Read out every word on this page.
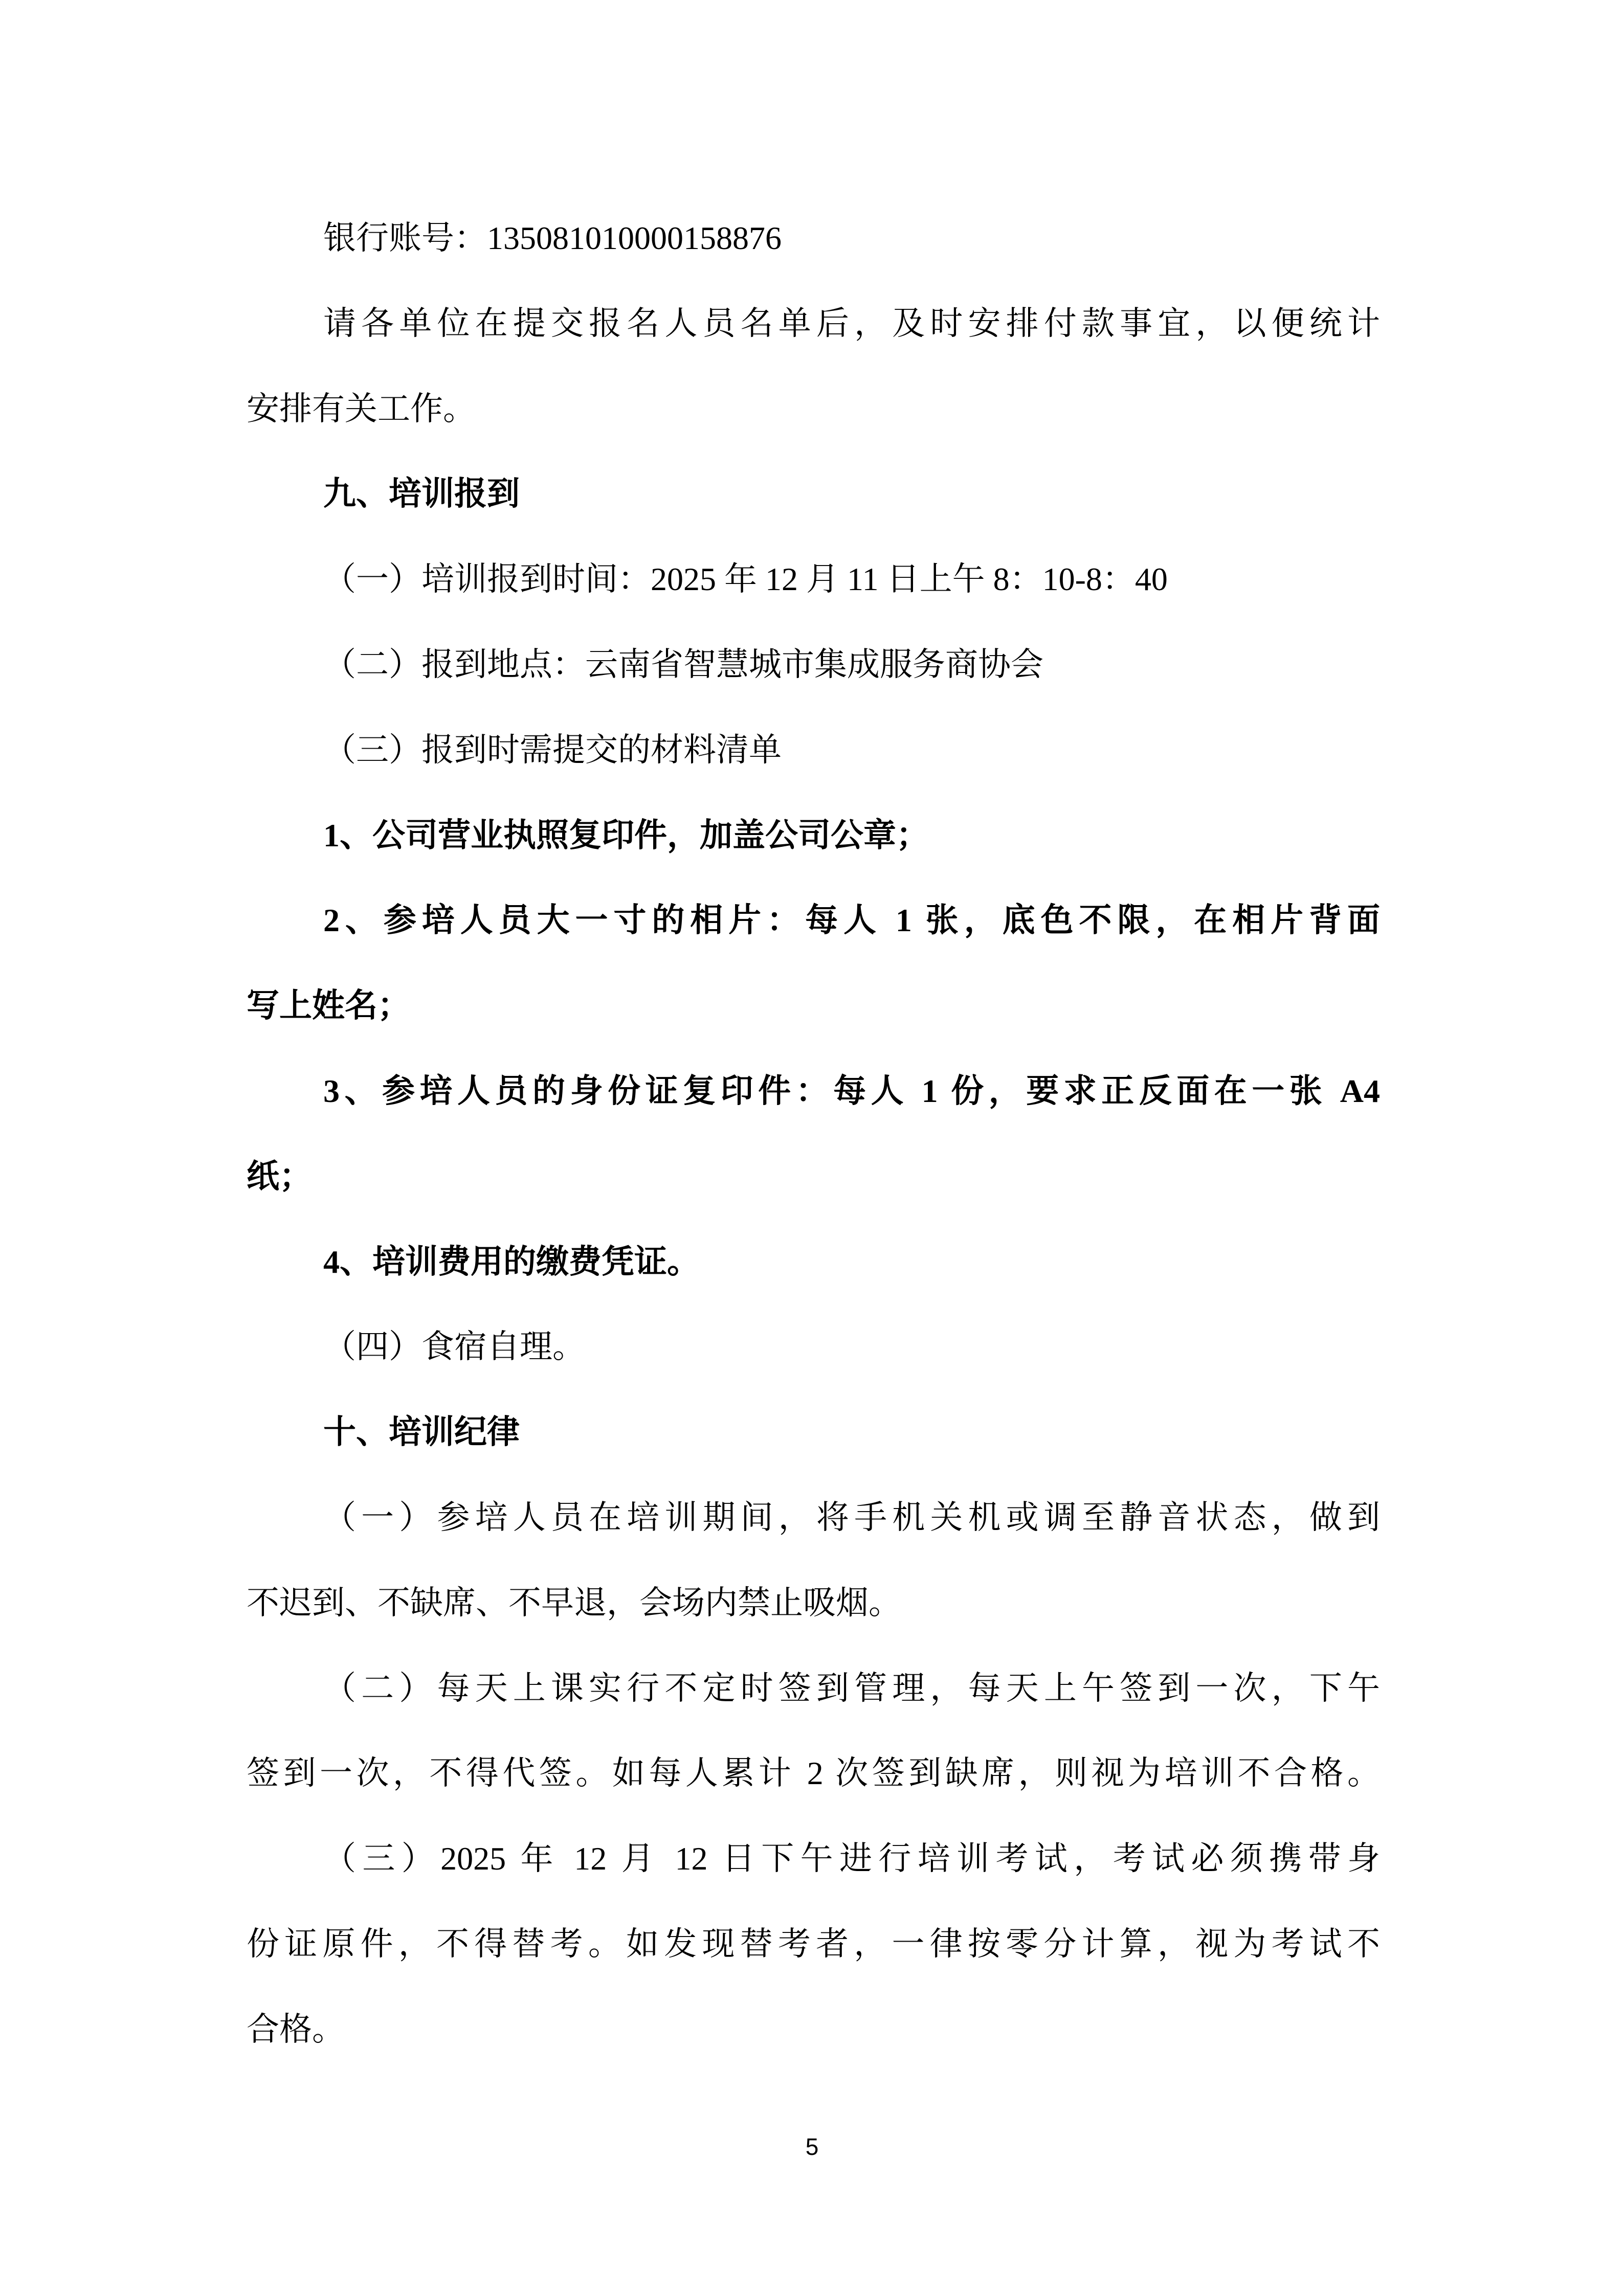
银行账号：135081010000158876
请各单位在提交报名人员名单后，及时安排付款事宜，以便统计
安排有关工作。
九、培训报到
（一）培训报到时间：2025 年 12 月 11 日上午 8：10-8：40
（二）报到地点：云南省智慧城市集成服务商协会
（三）报到时需提交的材料清单
1、公司营业执照复印件，加盖公司公章；
2、参培人员大一寸的相片：每人 1 张，底色不限，在相片背面
写上姓名；
3、参培人员的身份证复印件：每人 1 份，要求正反面在一张 A4
纸；
4、培训费用的缴费凭证。
（四）食宿自理。
十、培训纪律
（一）参培人员在培训期间，将手机关机或调至静音状态，做到
不迟到、不缺席、不早退，会场内禁止吸烟。
（二）每天上课实行不定时签到管理，每天上午签到一次，下午
签到一次，不得代签。如每人累计 2 次签到缺席，则视为培训不合格。
（三）2025 年 12 月 12 日下午进行培训考试，考试必须携带身
份证原件，不得替考。如发现替考者，一律按零分计算，视为考试不
合格。
5
